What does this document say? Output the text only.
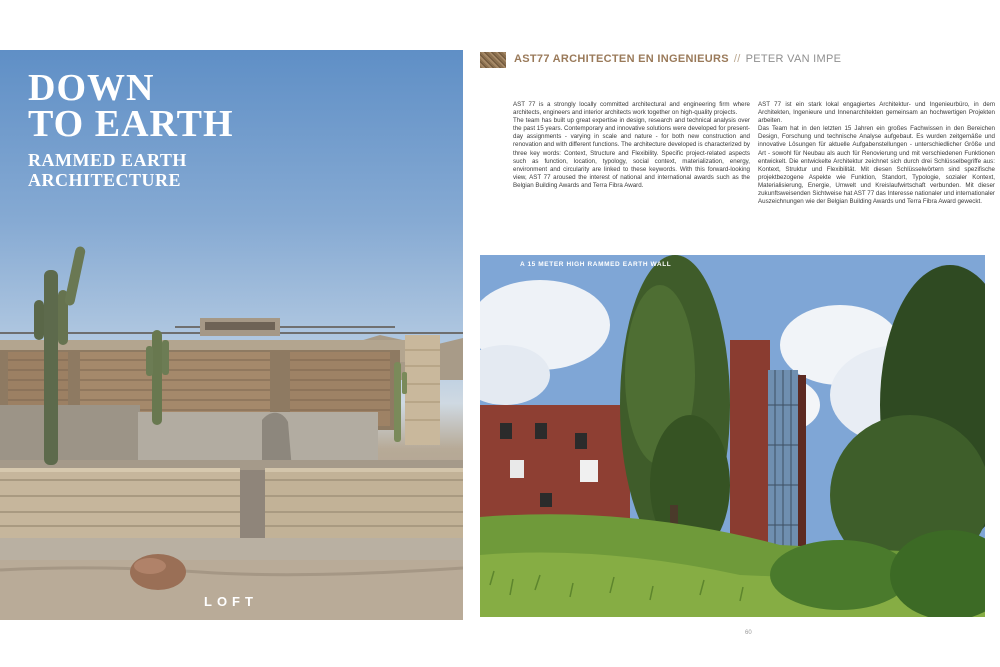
DOWN
TO EARTH
RAMMED EARTH
ARCHITECTURE
LOFT
AST77 ARCHITECTEN EN INGENIEURS // PETER VAN IMPE

AST 77 is a strongly locally committed architectural and engineering firm where architects, engineers and interior architects work together on high-quality projects.

The team has built up great expertise in design, research and technical analysis over the past 15 years. Contemporary and innovative solutions were developed for present-day assignments - varying in scale and nature - for both new construction and renovation and with different functions. The architecture developed is characterized by three key words: Context, Structure and Flexibility. Specific project-related aspects such as function, location, typology, social context, materialization, energy, environment and circularity are linked to these keywords. With this forward-looking view, AST 77 aroused the interest of national and international awards such as the Belgian Building Awards and Terra Fibra Award.

AST 77 ist ein stark lokal engagiertes Architektur- und Ingenieurbüro, in dem Architekten, Ingenieure und Innenarchitekten gemeinsam an hochwertigen Projekten arbeiten.

Das Team hat in den letzten 15 Jahren ein großes Fachwissen in den Bereichen Design, Forschung und technische Analyse aufgebaut. Es wurden zeitgemäße und innovative Lösungen für aktuelle Aufgabenstellungen - unterschiedlicher Größe und Art - sowohl für Neubau als auch für Renovierung und mit verschiedenen Funktionen entwickelt. Die entwickelte Architektur zeichnet sich durch drei Schlüsselbegriffe aus: Kontext, Struktur und Flexibilität. Mit diesen Schlüsselwörtern sind spezifische projektbezogene Aspekte wie Funktion, Standort, Typologie, sozialer Kontext, Materialisierung, Energie, Umwelt und Kreislaufwirtschaft verbunden. Mit dieser zukunftsweisenden Sichtweise hat AST 77 das Interesse nationaler und internationaler Auszeichnungen wie der Belgian Building Awards und Terra Fibra Award geweckt.

A 15 METER HIGH RAMMED EARTH WALL
60
